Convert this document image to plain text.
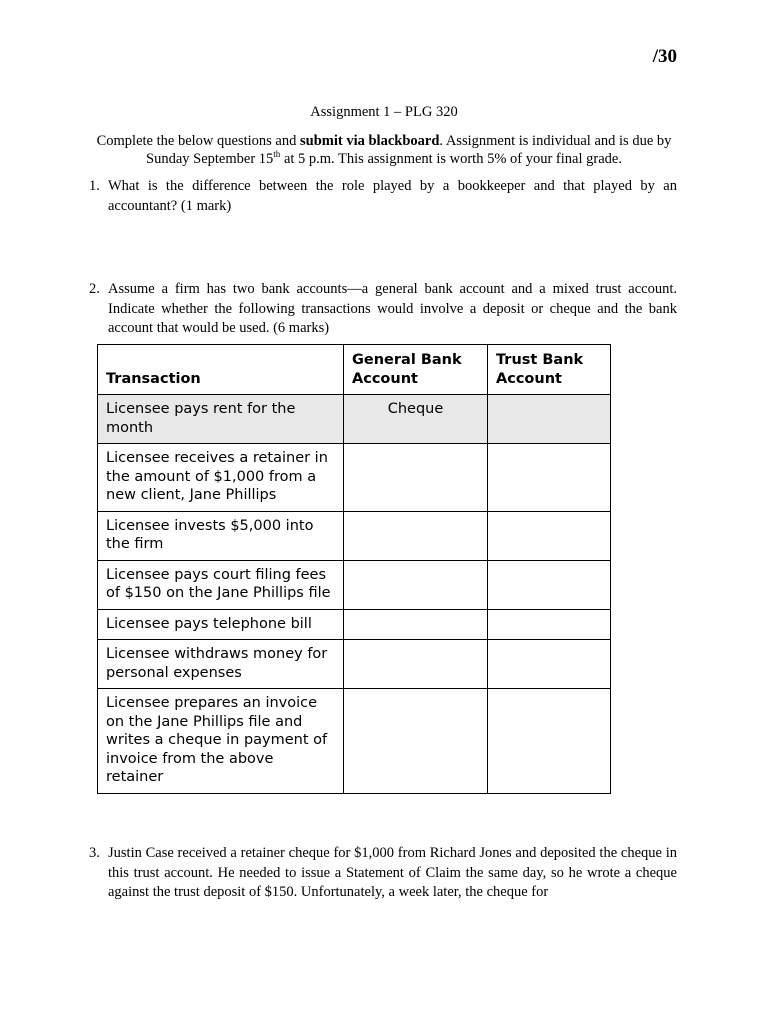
/30
Assignment 1 – PLG 320
Complete the below questions and submit via blackboard. Assignment is individual and is due by Sunday September 15th at 5 p.m. This assignment is worth 5% of your final grade.
1. What is the difference between the role played by a bookkeeper and that played by an accountant? (1 mark)
2. Assume a firm has two bank accounts—a general bank account and a mixed trust account. Indicate whether the following transactions would involve a deposit or cheque and the bank account that would be used. (6 marks)
Transaction	General Bank Account	Trust Bank Account
Licensee pays rent for the month	Cheque	
Licensee receives a retainer in the amount of $1,000 from a new client, Jane Phillips		
Licensee invests $5,000 into the firm		
Licensee pays court filing fees of $150 on the Jane Phillips file		
Licensee pays telephone bill		
Licensee withdraws money for personal expenses		
Licensee prepares an invoice on the Jane Phillips file and writes a cheque in payment of invoice from the above retainer		
3. Justin Case received a retainer cheque for $1,000 from Richard Jones and deposited the cheque in this trust account. He needed to issue a Statement of Claim the same day, so he wrote a cheque against the trust deposit of $150. Unfortunately, a week later, the cheque for
